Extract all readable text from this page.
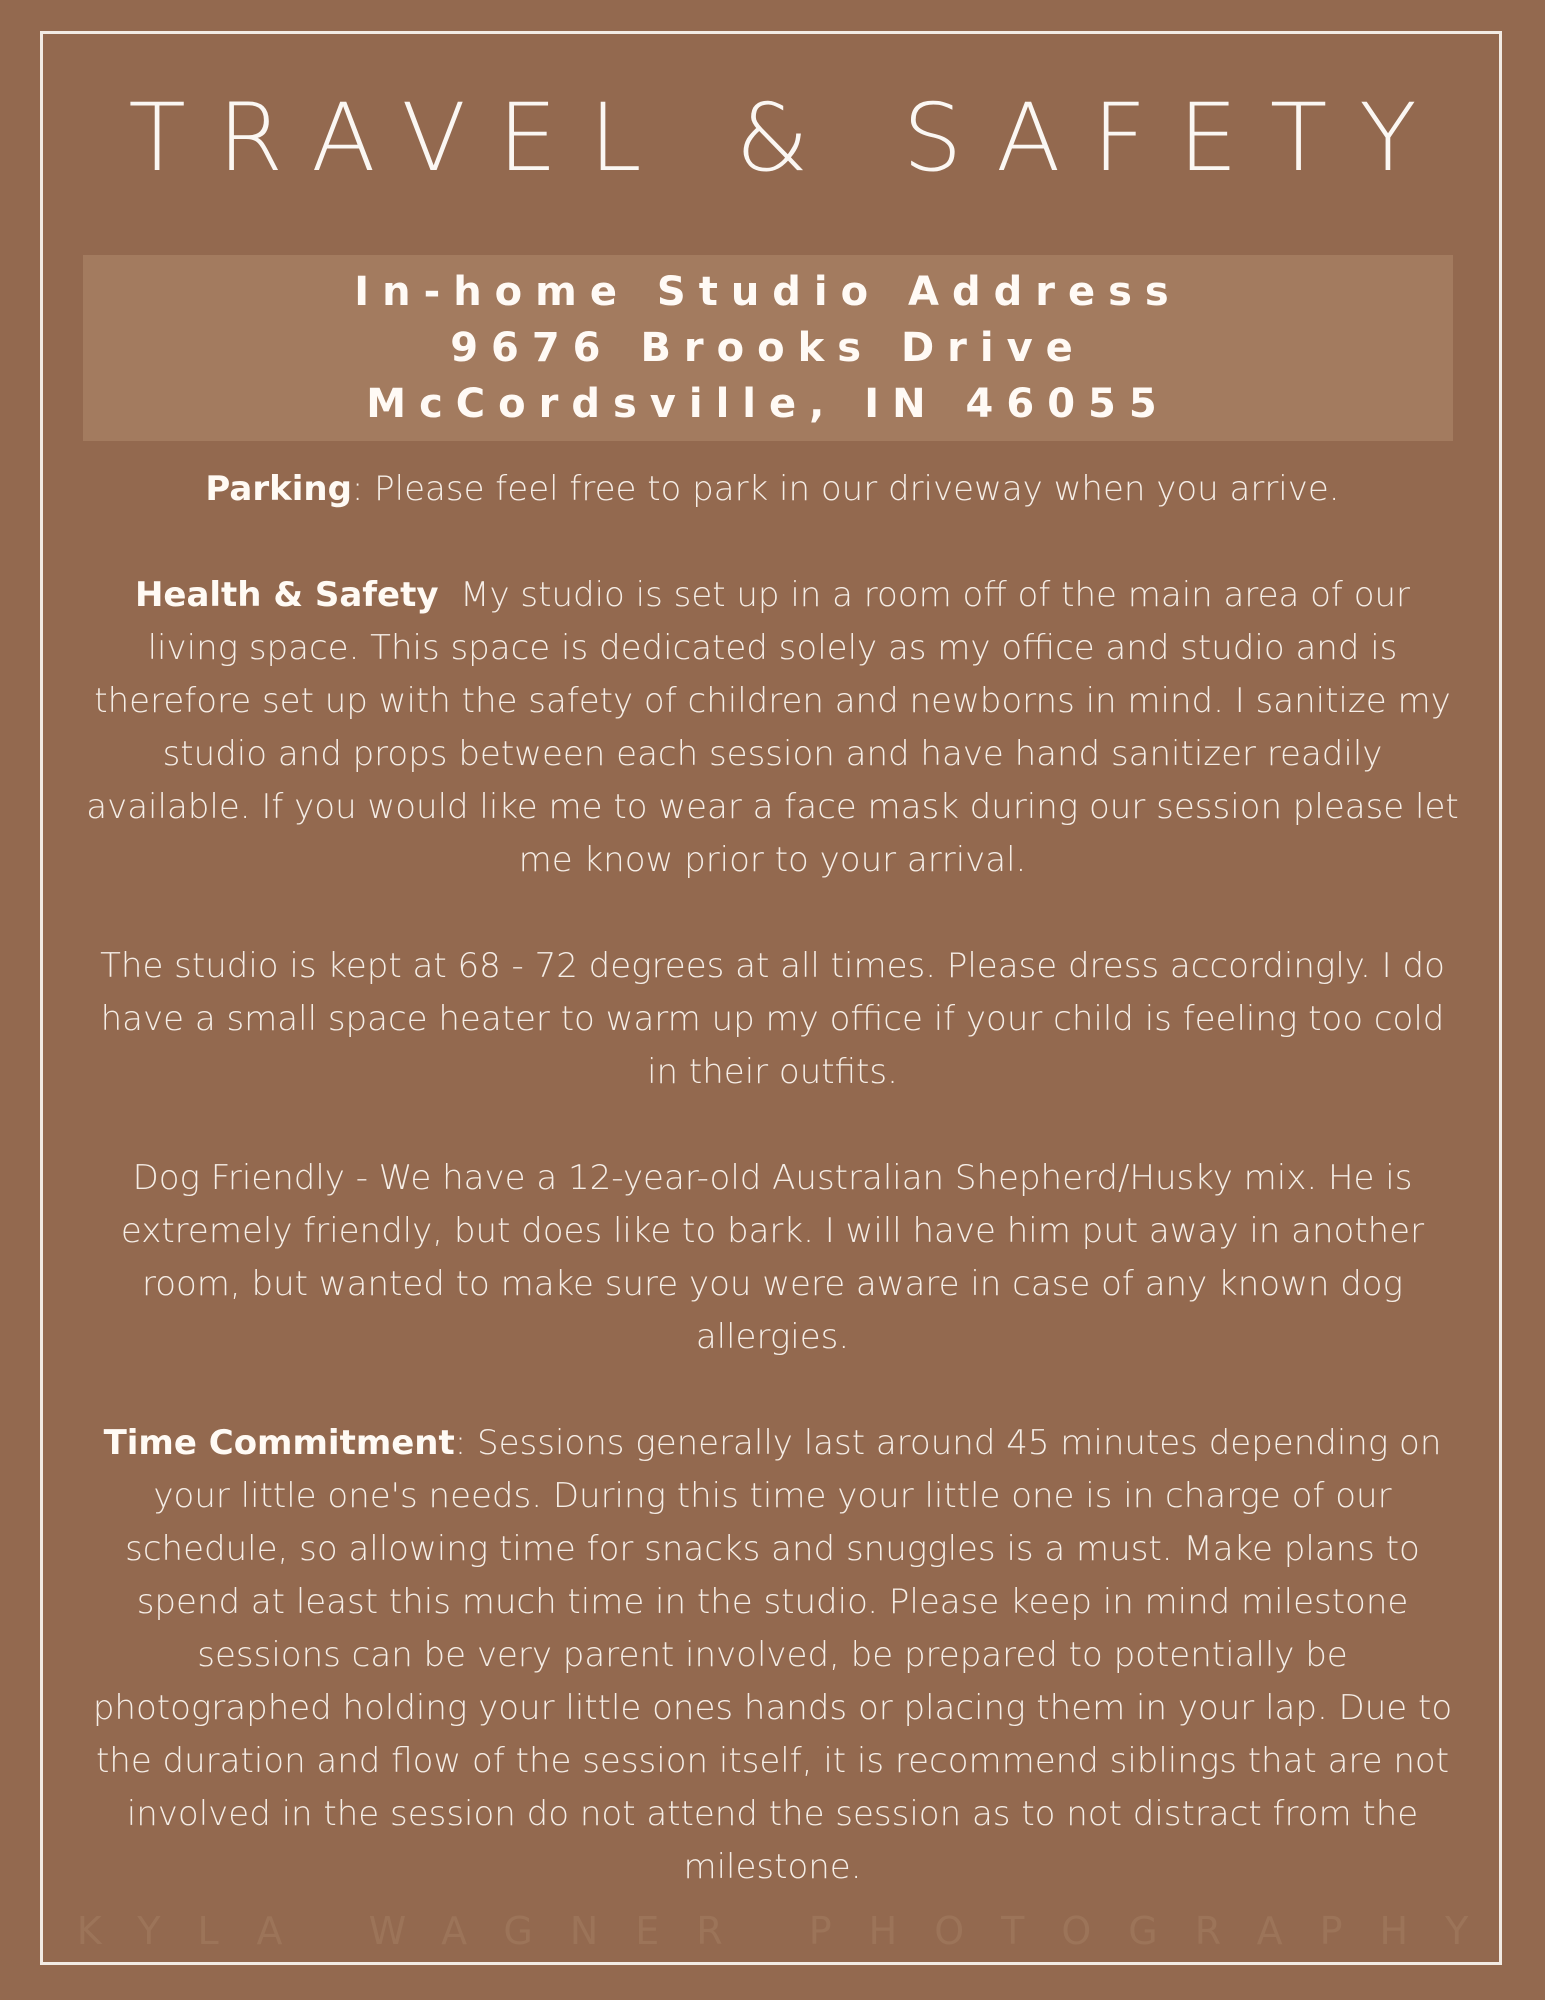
TRAVEL & SAFETY
In-home Studio Address
9676 Brooks Drive
McCordsville, IN 46055

Parking: Please feel free to park in our driveway when you arrive.

Health & Safety  My studio is set up in a room off of the main area of our living space. This space is dedicated solely as my office and studio and is therefore set up with the safety of children and newborns in mind. I sanitize my studio and props between each session and have hand sanitizer readily available. If you would like me to wear a face mask during our session please let me know prior to your arrival.

The studio is kept at 68 - 72 degrees at all times. Please dress accordingly. I do have a small space heater to warm up my office if your child is feeling too cold in their outfits.

Dog Friendly - We have a 12-year-old Australian Shepherd/Husky mix. He is extremely friendly, but does like to bark. I will have him put away in another room, but wanted to make sure you were aware in case of any known dog allergies.

Time Commitment: Sessions generally last around 45 minutes depending on your little one's needs. During this time your little one is in charge of our schedule, so allowing time for snacks and snuggles is a must. Make plans to spend at least this much time in the studio. Please keep in mind milestone sessions can be very parent involved, be prepared to potentially be photographed holding your little ones hands or placing them in your lap. Due to the duration and flow of the session itself, it is recommend siblings that are not involved in the session do not attend the session as to not distract from the milestone.

KYLA WAGNER PHOTOGRAPHY
